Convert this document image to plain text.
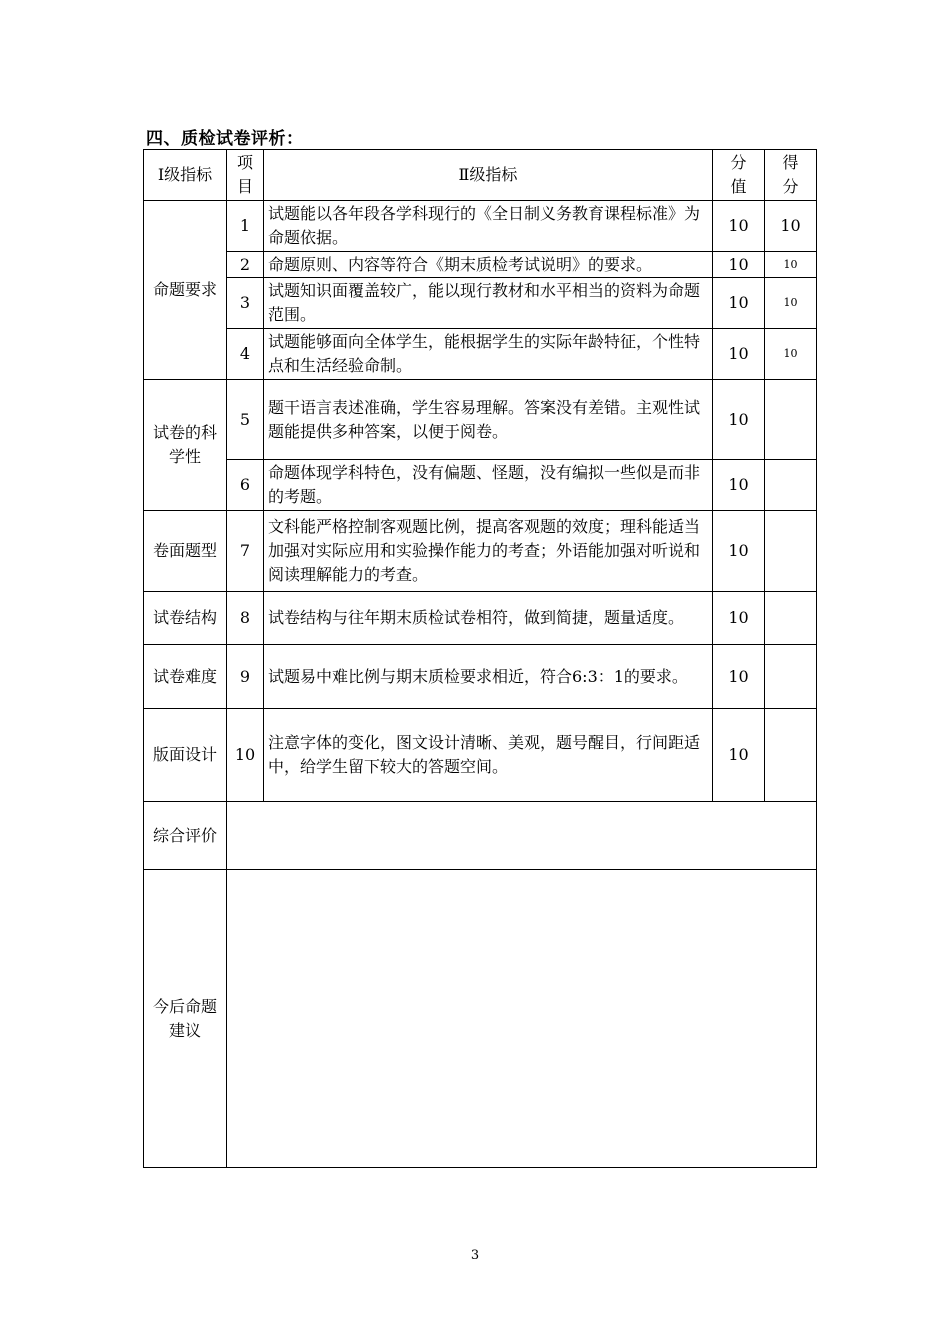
四、质检试卷评析：
Ⅰ级指标	项目	Ⅱ级指标	分值	得分
命题要求	1	试题能以各年段各学科现行的《全日制义务教育课程标准》为命题依据。	10	10
	2	命题原则、内容等符合《期末质检考试说明》的要求。	10	10
	3	试题知识面覆盖较广，能以现行教材和水平相当的资料为命题范围。	10	10
	4	试题能够面向全体学生，能根据学生的实际年龄特征，个性特点和生活经验命制。	10	10
试卷的科学性	5	题干语言表述准确，学生容易理解。答案没有差错。主观性试题能提供多种答案，以便于阅卷。	10	
	6	命题体现学科特色，没有偏题、怪题，没有编拟一些似是而非的考题。	10	
卷面题型	7	文科能严格控制客观题比例，提高客观题的效度；理科能适当加强对实际应用和实验操作能力的考查；外语能加强对听说和阅读理解能力的考查。	10	
试卷结构	8	试卷结构与往年期末质检试卷相符，做到简捷，题量适度。	10	
试卷难度	9	试题易中难比例与期末质检要求相近，符合6:3：1的要求。	10	
版面设计	10	注意字体的变化，图文设计清晰、美观，题号醒目，行间距适中，给学生留下较大的答题空间。	10	
综合评价				
今后命题建议				
3
